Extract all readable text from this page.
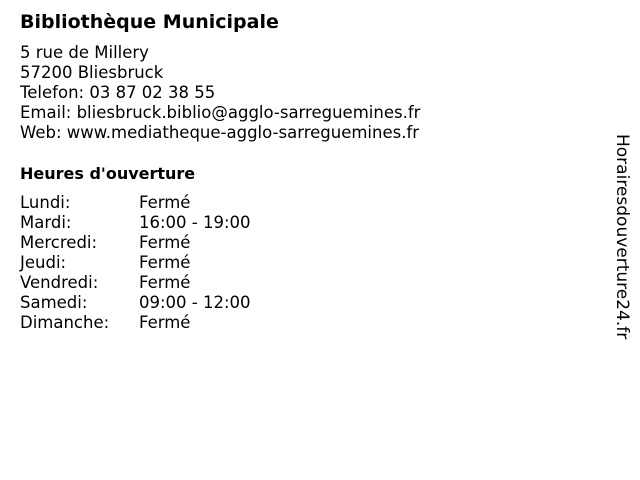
Bibliothèque Municipale
5 rue de Millery
57200 Bliesbruck
Telefon: 03 87 02 38 55
Email: bliesbruck.biblio@agglo-sarreguemines.fr
Web: www.mediatheque-agglo-sarreguemines.fr
Heures d'ouverture
Lundi:	Fermé
Mardi:	16:00 - 19:00
Mercredi:	Fermé
Jeudi:	Fermé
Vendredi: Fermé
Samedi:	09:00 - 12:00
Dimanche: Fermé	Horairesdouverture24.fr
